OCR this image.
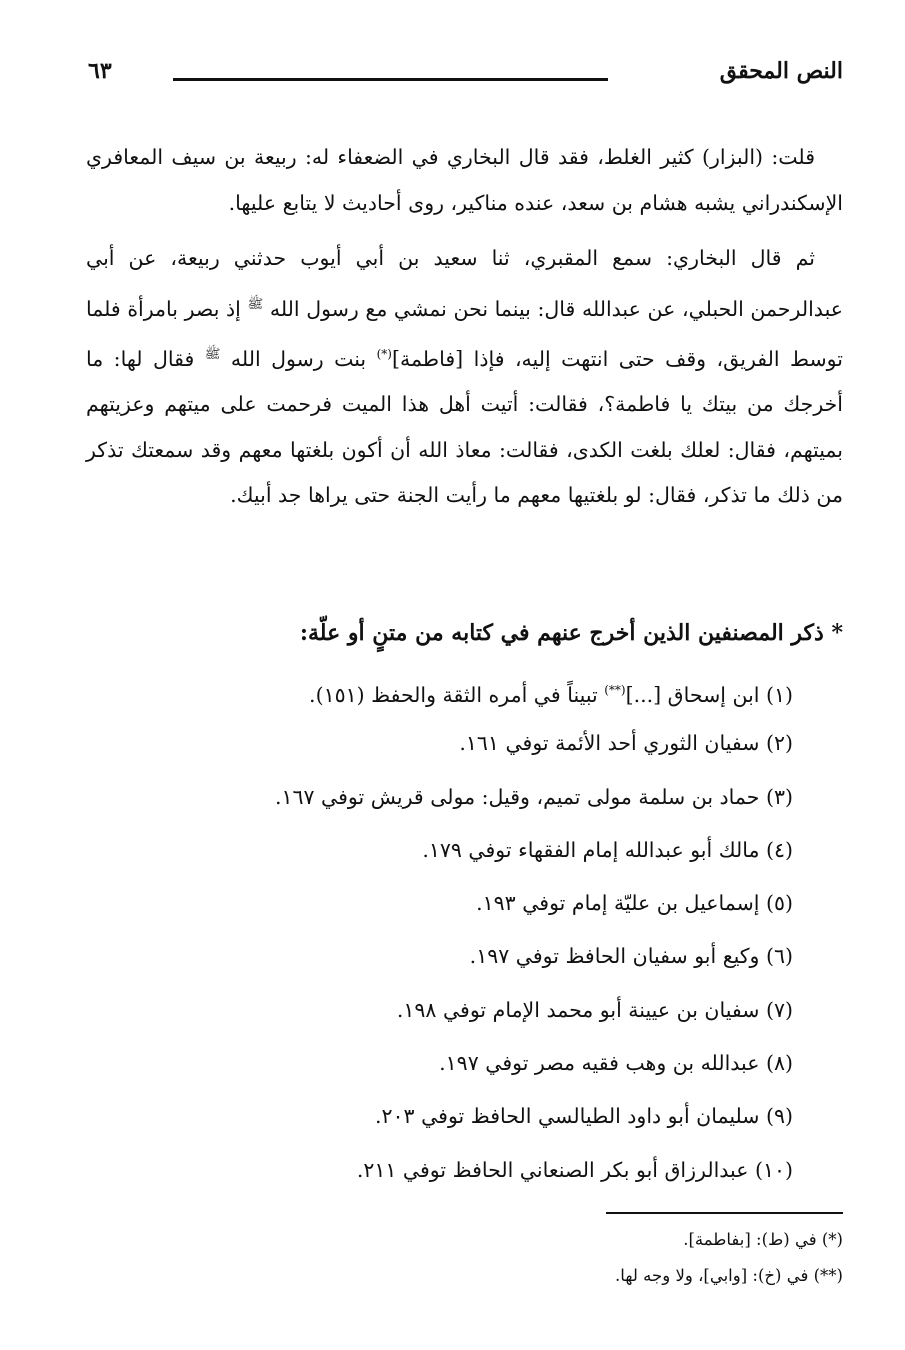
النص المحقق
٦٣

قلت: (البزار) كثير الغلط، فقد قال البخاري في الضعفاء له: ربيعة بن سيف المعافري الإسكندراني يشبه هشام بن سعد، عنده مناكير، روى أحاديث لا يتابع عليها.

ثم قال البخاري: سمع المقبري، ثنا سعيد بن أبي أيوب حدثني ربيعة، عن أبي عبدالرحمن الحبلي، عن عبدالله قال: بينما نحن نمشي مع رسول الله $^ﷺ$ إذ بصر بامرأة فلما توسط الفريق، وقف حتى انتهت إليه، فإذا [فاطمة](*) بنت رسول الله $^ﷺ$ فقال لها: ما أخرجك من بيتك يا فاطمة؟، فقالت: أتيت أهل هذا الميت فرحمت على ميتهم وعزيتهم بميتهم، فقال: لعلك بلغت الكدى، فقالت: معاذ الله أن أكون بلغتها معهم وقد سمعتك تذكر من ذلك ما تذكر، فقال: لو بلغتيها معهم ما رأيت الجنة حتى يراها جد أبيك.

* ذكر المصنفين الذين أخرج عنهم في كتابه من متنٍ أو علّة:
(١) ابن إسحاق [...](**) تبيناً في أمره الثقة والحفظ (١٥١).
(٢) سفيان الثوري أحد الأئمة توفي ١٦١.
(٣) حماد بن سلمة مولى تميم، وقيل: مولى قريش توفي ١٦٧.
(٤) مالك أبو عبدالله إمام الفقهاء توفي ١٧٩.
(٥) إسماعيل بن عليّة إمام توفي ١٩٣.
(٦) وكيع أبو سفيان الحافظ توفي ١٩٧.
(٧) سفيان بن عيينة أبو محمد الإمام توفي ١٩٨.
(٨) عبدالله بن وهب فقيه مصر توفي ١٩٧.
(٩) سليمان أبو داود الطيالسي الحافظ توفي ٢٠٣.
(١٠) عبدالرزاق أبو بكر الصنعاني الحافظ توفي ٢١١.
(*) في (ط): [بفاطمة].
(**) في (خ): [وابي]، ولا وجه لها.
